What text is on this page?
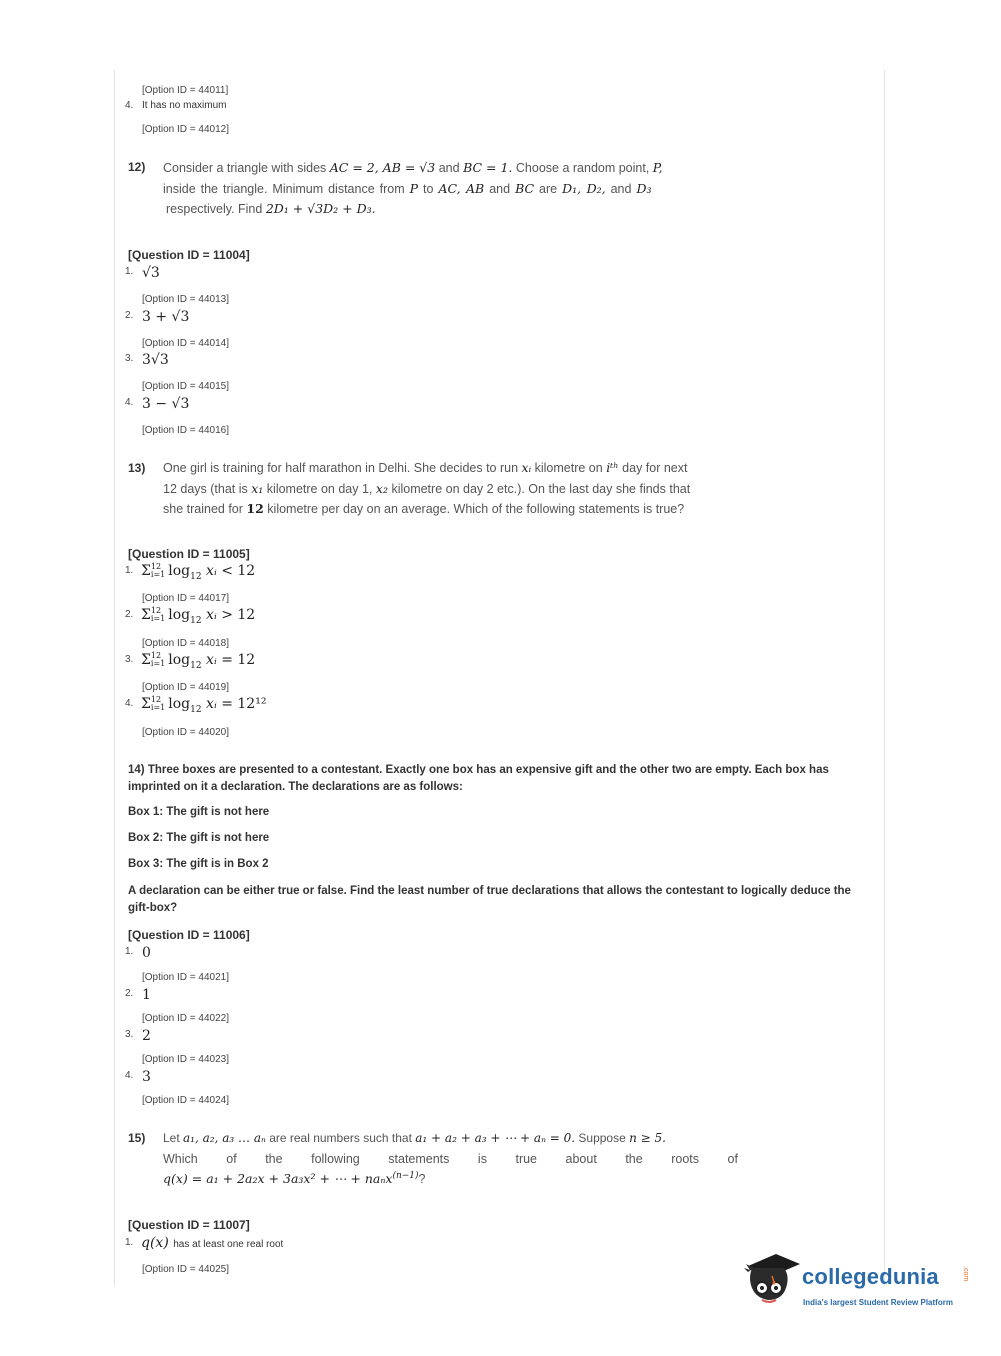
[Option ID = 44011]
4. It has no maximum
[Option ID = 44012]
12) Consider a triangle with sides AC = 2, AB = √3 and BC = 1. Choose a random point, P,
inside the triangle. Minimum distance from P to AC, AB and BC are D₁, D₂, and D₃
respectively. Find 2D₁ + √3D₂ + D₃.
[Question ID = 11004]
1. √3
[Option ID = 44013]
2. 3 + √3
[Option ID = 44014]
3. 3√3
[Option ID = 44015]
4. 3 − √3
[Option ID = 44016]
13) One girl is training for half marathon in Delhi. She decides to run xᵢ kilometre on iᵗʰ day for next
12 days (that is x₁ kilometre on day 1, x₂ kilometre on day 2 etc.). On the last day she finds that
she trained for 12 kilometre per day on an average. Which of the following statements is true?
[Question ID = 11005]
1. Σ 12
i=1 $\log_{12}$ xᵢ < 12
[Option ID = 44017]
2. Σ 12
i=1 $\log_{12}$ xᵢ > 12
[Option ID = 44018]
3. Σ 12
i=1 $\log_{12}$ xᵢ = 12
[Option ID = 44019]
4. Σ 12
i=1 $\log_{12}$ xᵢ = 12¹²
[Option ID = 44020]
14) Three boxes are presented to a contestant. Exactly one box has an expensive gift and the other two are empty. Each box has imprinted on it a declaration. The declarations are as follows:
Box 1: The gift is not here
Box 2: The gift is not here
Box 3: The gift is in Box 2
A declaration can be either true or false. Find the least number of true declarations that allows the contestant to logically deduce the gift-box?
[Question ID = 11006]
1. 0
[Option ID = 44021]
2. 1
[Option ID = 44022]
3. 2
[Option ID = 44023]
4. 3
[Option ID = 44024]
15) Let a₁, a₂, a₃ … aₙ are real numbers such that a₁ + a₂ + a₃ + ⋯ + aₙ = 0. Suppose n ≥ 5.
Which of the following statements is true about the roots of
q(x) = a₁ + 2a₂x + 3a₃x² + ⋯ + naₙx$^{(n-1)}$?
[Question ID = 11007]
1. q(x) has at least one real root
[Option ID = 44025]	collegedunia	.com
India's largest Student Review Platform
